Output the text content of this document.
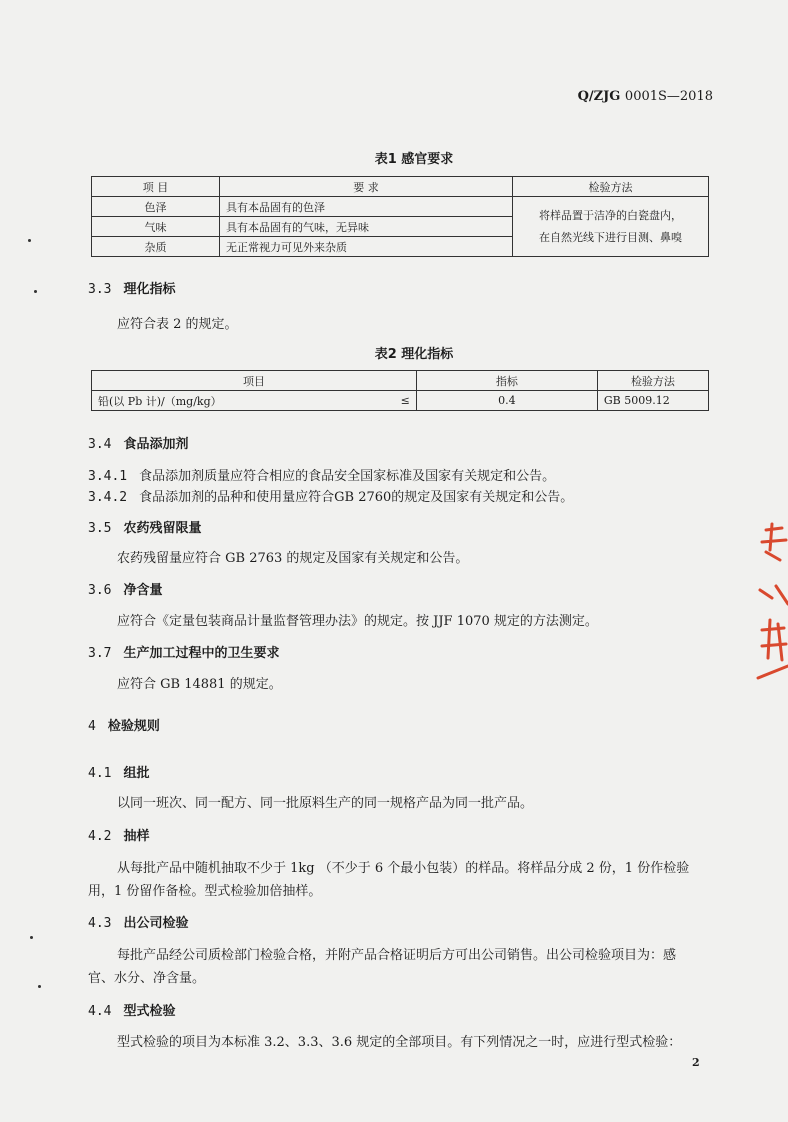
Q/ZJG 0001S—2018
表1 感官要求
项 目	要 求	检验方法
色泽	具有本品固有的色泽	将样品置于洁净的白瓷盘内，
在自然光线下进行目测、鼻嗅

气味	具有本品固有的气味，无异味	
杂质	无正常视力可见外来杂质	
3.3 理化指标
应符合表 2 的规定。
表2 理化指标
项目		指标	检验方法
铅(以 Pb 计)/（mg/kg）	≤	0.4	GB 5009.12
3.4 食品添加剂
3.4.1 食品添加剂质量应符合相应的食品安全国家标准及国家有关规定和公告。
3.4.2 食品添加剂的品种和使用量应符合GB 2760的规定及国家有关规定和公告。
3.5 农药残留限量
农药残留量应符合 GB 2763 的规定及国家有关规定和公告。
3.6 净含量
应符合《定量包装商品计量监督管理办法》的规定。按 JJF 1070 规定的方法测定。
3.7 生产加工过程中的卫生要求
应符合 GB 14881 的规定。
4 检验规则
4.1 组批
以同一班次、同一配方、同一批原料生产的同一规格产品为同一批产品。
4.2 抽样
从每批产品中随机抽取不少于 1kg （不少于 6 个最小包装）的样品。将样品分成 2 份，1 份作检验
用，1 份留作备检。型式检验加倍抽样。
4.3 出公司检验
每批产品经公司质检部门检验合格，并附产品合格证明后方可出公司销售。出公司检验项目为：感
官、水分、净含量。
4.4 型式检验
型式检验的项目为本标准 3.2、3.3、3.6 规定的全部项目。有下列情况之一时，应进行型式检验：
2
